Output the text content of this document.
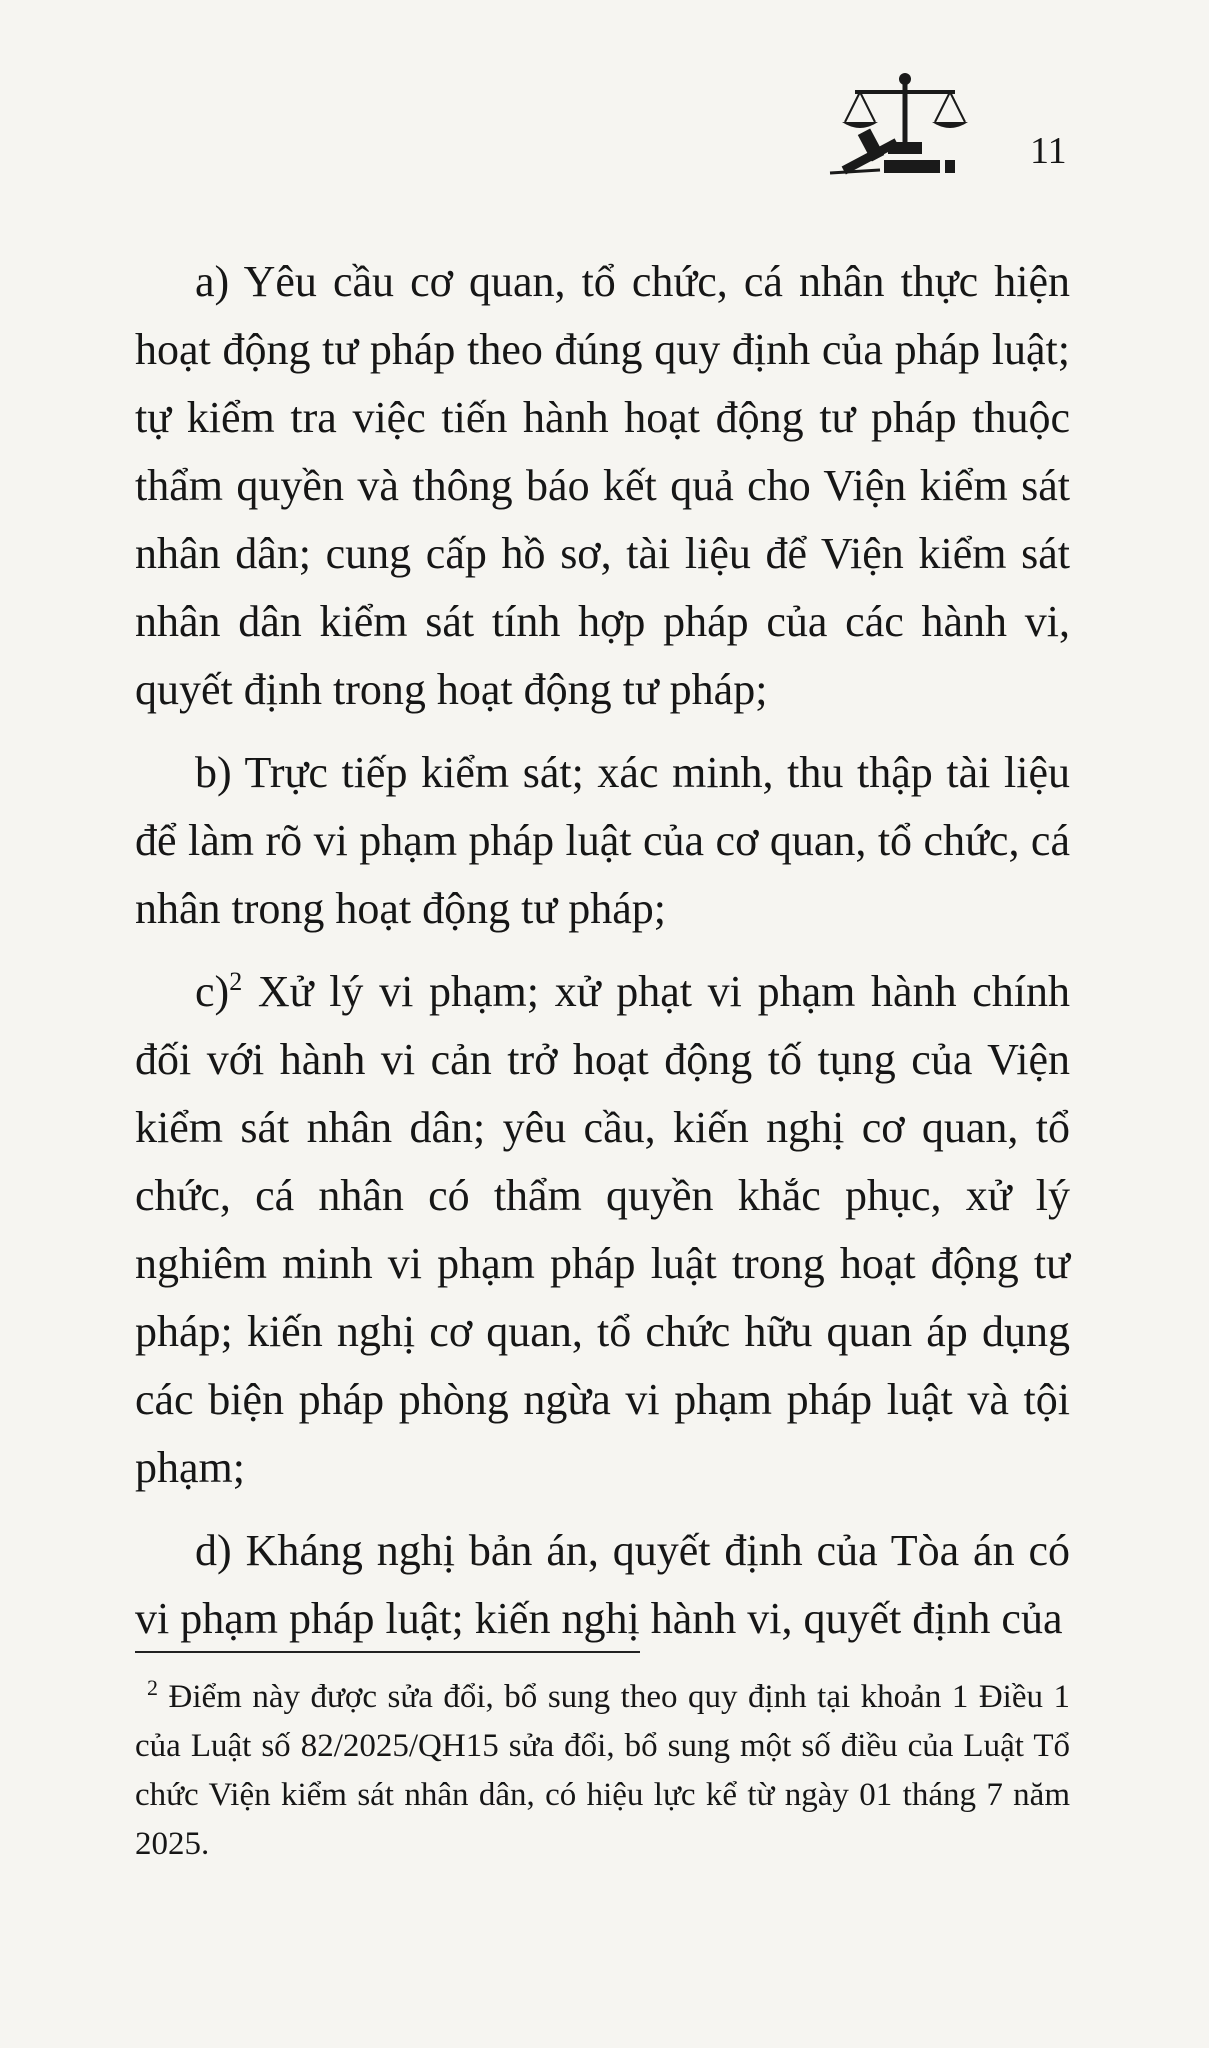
11

a) Yêu cầu cơ quan, tổ chức, cá nhân thực hiện hoạt động tư pháp theo đúng quy định của pháp luật; tự kiểm tra việc tiến hành hoạt động tư pháp thuộc thẩm quyền và thông báo kết quả cho Viện kiểm sát nhân dân; cung cấp hồ sơ, tài liệu để Viện kiểm sát nhân dân kiểm sát tính hợp pháp của các hành vi, quyết định trong hoạt động tư pháp;

b) Trực tiếp kiểm sát; xác minh, thu thập tài liệu để làm rõ vi phạm pháp luật của cơ quan, tổ chức, cá nhân trong hoạt động tư pháp;

c)$^2$ Xử lý vi phạm; xử phạt vi phạm hành chính đối với hành vi cản trở hoạt động tố tụng của Viện kiểm sát nhân dân; yêu cầu, kiến nghị cơ quan, tổ chức, cá nhân có thẩm quyền khắc phục, xử lý nghiêm minh vi phạm pháp luật trong hoạt động tư pháp; kiến nghị cơ quan, tổ chức hữu quan áp dụng các biện pháp phòng ngừa vi phạm pháp luật và tội phạm;

d) Kháng nghị bản án, quyết định của Tòa án có vi phạm pháp luật; kiến nghị hành vi, quyết định của

$^2$ Điểm này được sửa đổi, bổ sung theo quy định tại khoản 1 Điều 1 của Luật số 82/2025/QH15 sửa đổi, bổ sung một số điều của Luật Tổ chức Viện kiểm sát nhân dân, có hiệu lực kể từ ngày 01 tháng 7 năm 2025.
